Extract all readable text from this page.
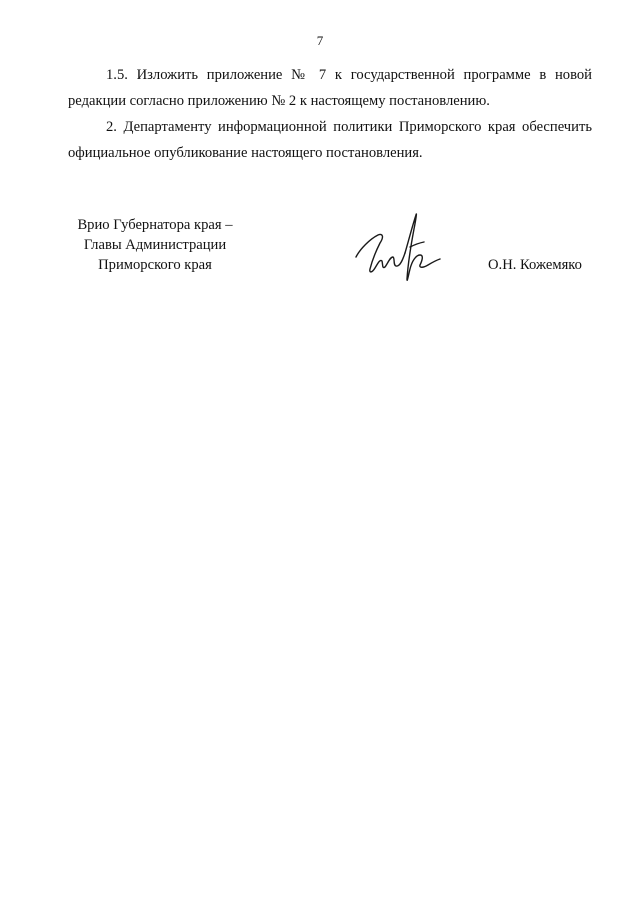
7

1.5. Изложить приложение № 7 к государственной программе в новой редакции согласно приложению № 2 к настоящему постановлению.

2. Департаменту информационной политики Приморского края обеспечить официальное опубликование настоящего постановления.

Врио Губернатора края –
Главы Администрации
Приморского края	О.Н. Кожемяко
